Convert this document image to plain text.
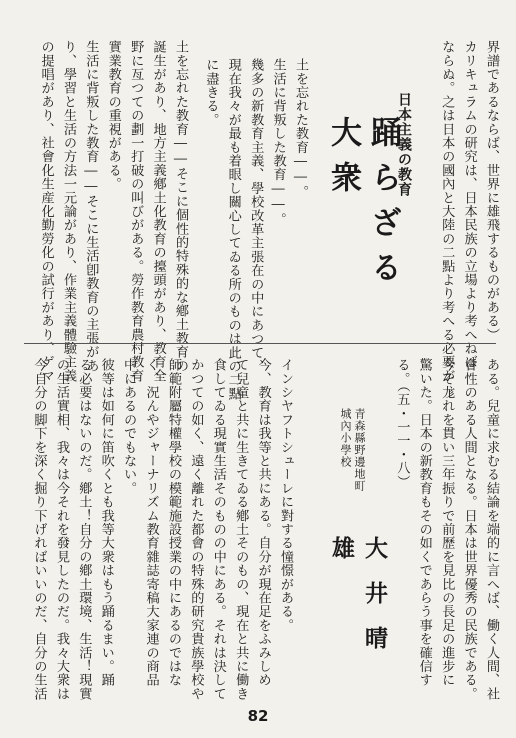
界譜であるならば、世界に雄飛するものがある）
カリキュラムの研究は、日本民族の立場より考へねば
ならぬ。之は日本の國內と大陸の二點より考へる必要が
日本主義の教育
踊らざる大衆
土を忘れた教育――。
生活に背叛した教育――。
幾多の新教育主義、學校改革主張在の中にあつて、
現在我々が最も着眼し關心してゐる所のものは此の二點
に盡きる。
土を忘れた教育――そこに個性的特殊的な鄕土教育の
誕生があり、地方主義鄕土化教育の擡頭があり、教育全
野に亙つての劃一打破の叫びがある。勞作教育農村教育
實業教育の重視がある。
生活に背叛した教育――そこに生活卽教育の主張があ
り、學習と生活の方法一元論があり、作業主義體驗主義
の提唱があり、社會化生産化勤勞化の試行があり、ゲマ
ある。兒童に求むる結論を端的に言へば、働く人間、社
會性のある人間となる。日本は世界優秀の民族である。
今そ尨れを貫い三年振りで前歷を見比の長足の進步に
驚いた。日本の新教育もその如くであらう事を確信す
る。（五・一一・八）
青森縣野邊地町
城內小學校
大井晴雄
インシヤフトシューレに對する憧憬がある。
今、教育は我等と共にある。自分が現在足をふみしめ
て兒童と共に生きてゐる鄕土そのもの、現在と共に働き
食してゐる現實生活そのものの中にある。それは決して
かつての如く、遠く離れた都會の特殊的研究貴族學校や
師範附屬特權學校の模範施設授業の中にあるのではな
く、況んやジャーナリズム教育雜誌寄稿大家連の商品
中にあるのでもない。
彼等は如何に笛吹くとも我等大衆はもう踊るまい。踊
る必要はないのだ。鄕土！自分の鄕土環境、生活！現實
の生活實相、我々は今それを發見したのだ。我々大衆は
今自分の脚下を深く掘り下げればいいのだ、自分の生活
82
